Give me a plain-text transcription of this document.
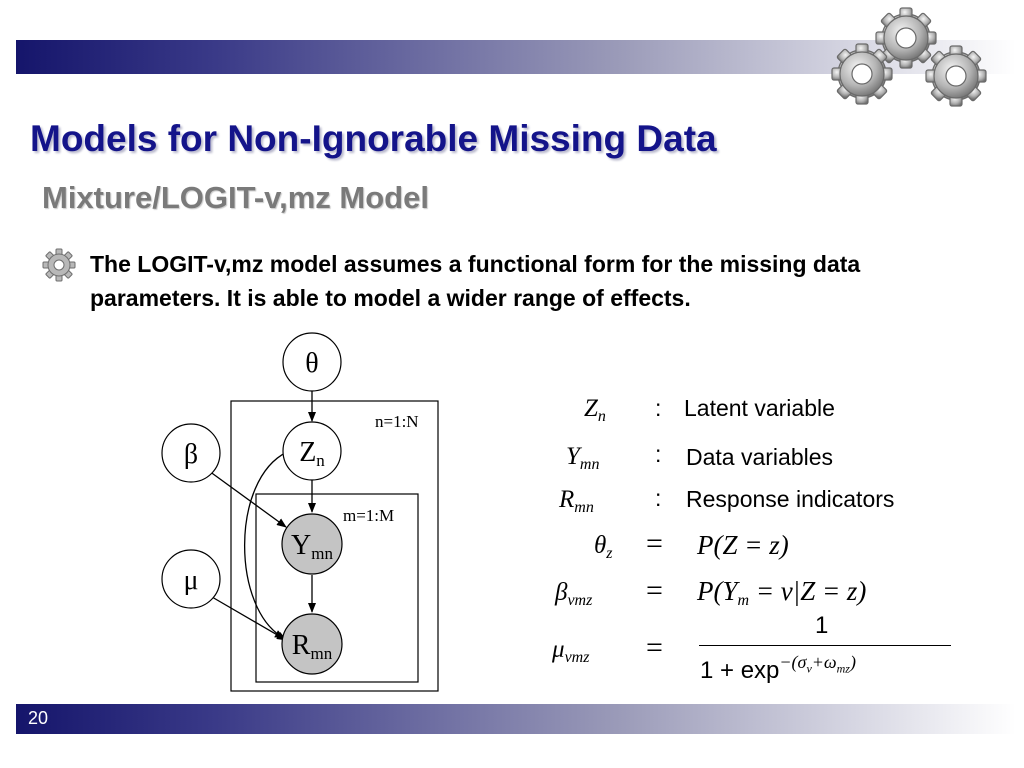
Models for Non-Ignorable Missing Data
Mixture/LOGIT-v,mz Model

The LOGIT-v,mz model assumes a functional form for the missing data parameters. It is able to model a wider range of effects.

n=1:N
m=1:M
θ
β
μ
Zn
Ymn
Rmn
$Z_n$ : Latent variable
$Y_{mn}$ : Data variables
$R_{mn}$	: Response indicators
$\theta_z = P(Z = z)$
$\beta_{vmz} = P(Y_m = v|Z = z)$
$\mu_{vmz}$ =
1
$1 + \exp^{-(\sigma_v+\omega_{mz})}$
20
